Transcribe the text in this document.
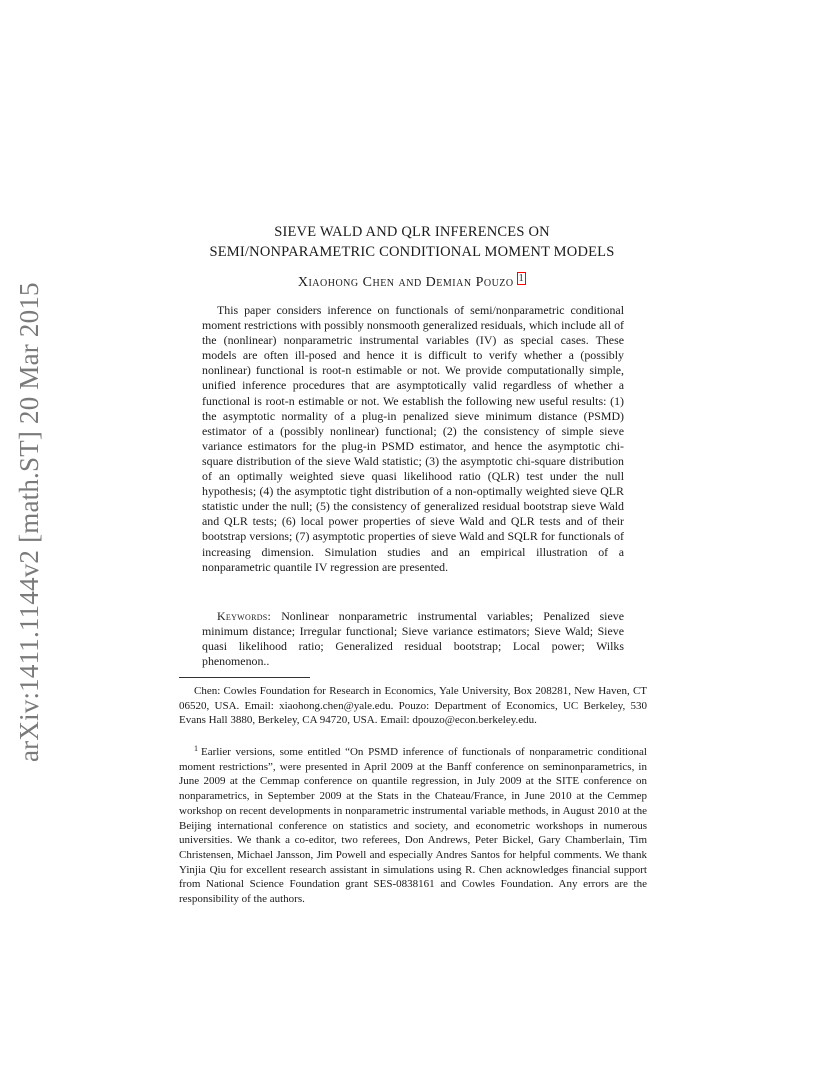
arXiv:1411.1144v2 [math.ST] 20 Mar 2015
SIEVE WALD AND QLR INFERENCES ON
SEMI/NONPARAMETRIC CONDITIONAL MOMENT MODELS
Xiaohong Chen and Demian Pouzo $^1$

This paper considers inference on functionals of semi/nonparametric conditional moment restrictions with possibly nonsmooth generalized residuals, which include all of the (nonlinear) nonparametric instrumental variables (IV) as special cases. These models are often ill-posed and hence it is difficult to verify whether a (possibly nonlinear) functional is root-n estimable or not. We provide computationally simple, unified inference procedures that are asymptotically valid regardless of whether a functional is root-n estimable or not. We establish the following new useful results: (1) the asymptotic normality of a plug-in penalized sieve minimum distance (PSMD) estimator of a (possibly nonlinear) functional; (2) the consistency of simple sieve variance estimators for the plug-in PSMD estimator, and hence the asymptotic chi-square distribution of the sieve Wald statistic; (3) the asymptotic chi-square distribution of an optimally weighted sieve quasi likelihood ratio (QLR) test under the null hypothesis; (4) the asymptotic tight distribution of a non-optimally weighted sieve QLR statistic under the null; (5) the consistency of generalized residual bootstrap sieve Wald and QLR tests; (6) local power properties of sieve Wald and QLR tests and of their bootstrap versions; (7) asymptotic properties of sieve Wald and SQLR for functionals of increasing dimension. Simulation studies and an empirical illustration of a nonparametric quantile IV regression are presented.

Keywords: Nonlinear nonparametric instrumental variables; Penalized sieve minimum distance; Irregular functional; Sieve variance estimators; Sieve Wald; Sieve quasi likelihood ratio; Generalized residual bootstrap; Local power; Wilks phenomenon..

Chen: Cowles Foundation for Research in Economics, Yale University, Box 208281, New Haven, CT 06520, USA. Email: xiaohong.chen@yale.edu. Pouzo: Department of Economics, UC Berkeley, 530 Evans Hall 3880, Berkeley, CA 94720, USA. Email: dpouzo@econ.berkeley.edu.

$^1$ Earlier versions, some entitled “On PSMD inference of functionals of nonparametric conditional moment restrictions”, were presented in April 2009 at the Banff conference on seminonparametrics, in June 2009 at the Cemmap conference on quantile regression, in July 2009 at the SITE conference on nonparametrics, in September 2009 at the Stats in the Chateau/France, in June 2010 at the Cemmep workshop on recent developments in nonparametric instrumental variable methods, in August 2010 at the Beijing international conference on statistics and society, and econometric workshops in numerous universities. We thank a co-editor, two referees, Don Andrews, Peter Bickel, Gary Chamberlain, Tim Christensen, Michael Jansson, Jim Powell and especially Andres Santos for helpful comments. We thank Yinjia Qiu for excellent research assistant in simulations using R. Chen acknowledges financial support from National Science Foundation grant SES-0838161 and Cowles Foundation. Any errors are the responsibility of the authors.
